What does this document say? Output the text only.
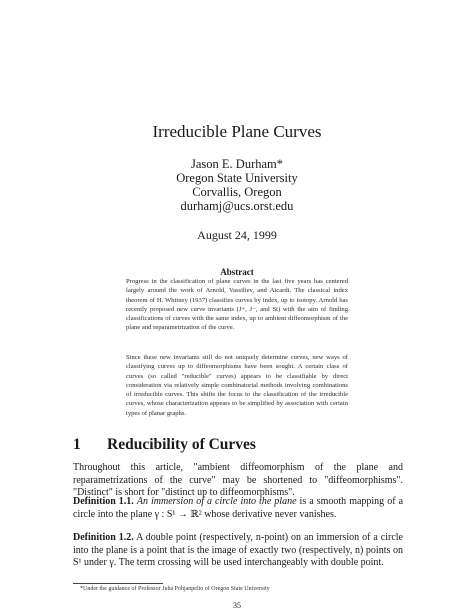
Irreducible Plane Curves
Jason E. Durham*
Oregon State University
Corvallis, Oregon
durhamj@ucs.orst.edu
August 24, 1999
Abstract
Progress in the classification of plane curves in the last five years has centered largely around the work of Arnold, Vassiliev, and Aicardi. The classical index theorem of H. Whitney (1937) classifies curves by index, up to isotopy. Arnold has recently proposed new curve invariants (J+, J−, and St) with the aim of finding classifications of curves with the same index, up to ambient diffeomorphism of the plane and reparametrization of the curve.
Since these new invariants still do not uniquely determine curves, new ways of classifying curves up to diffeomorphisms have been sought. A certain class of curves (so called "reducible" curves) appears to be classifiable by direct consideration via relatively simple combinatorial methods involving combinations of irreducible curves. This shifts the focus to the classification of the irreducible curves, whose characterization appears to be simplified by association with certain types of planar graphs.
1 Reducibility of Curves
Throughout this article, "ambient diffeomorphism of the plane and reparametrizations of the curve" may be shortened to "diffeomorphisms". "Distinct" is short for "distinct up to diffeomorphisms".
Definition 1.1. An immersion of a circle into the plane is a smooth mapping of a circle into the plane γ : S¹ → ℝ² whose derivative never vanishes.
Definition 1.2. A double point (respectively, n-point) on an immersion of a circle into the plane is a point that is the image of exactly two (respectively, n) points on S¹ under γ. The term crossing will be used interchangeably with double point.
*Under the guidance of Professor Juha Pohjanpelto of Oregon State University
35
